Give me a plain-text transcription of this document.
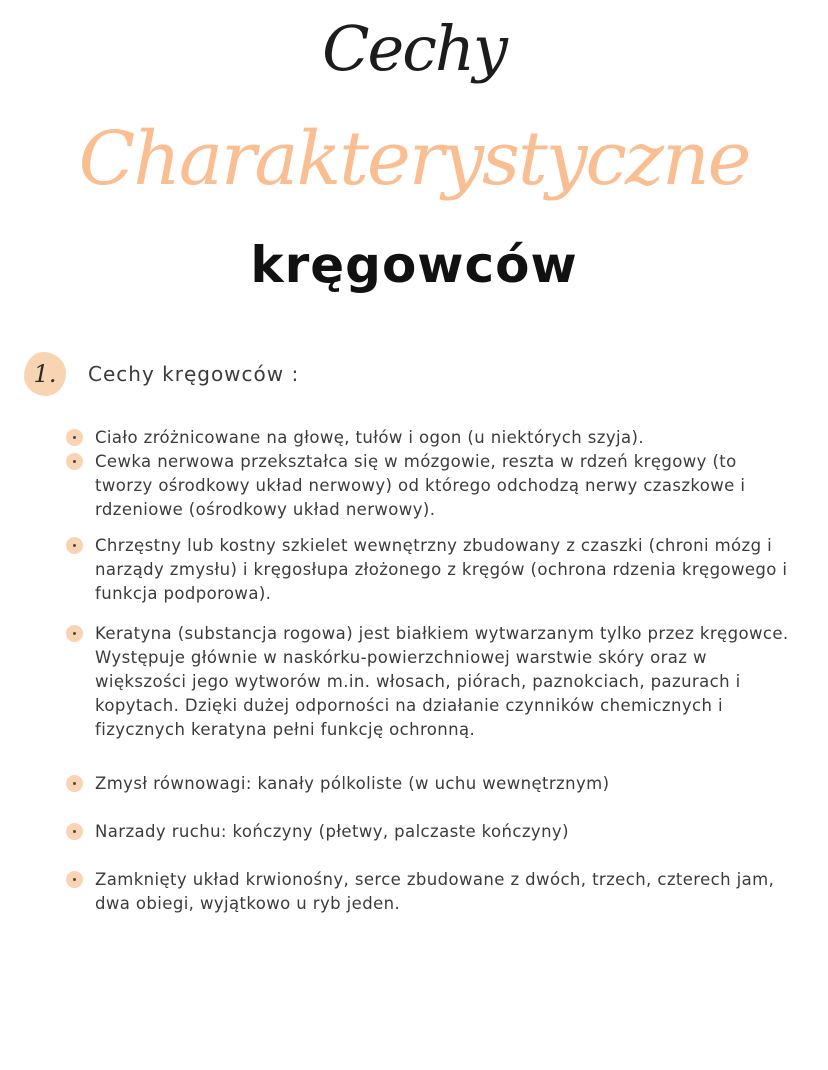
Cechy
Charakterystyczne
kręgowców
1.	Cechy kręgowców :
Ciało zróżnicowane na głowę, tułów i ogon (u niektórych szyja).
Cewka nerwowa przekształca się w mózgowie, reszta w rdzeń kręgowy (to tworzy ośrodkowy układ nerwowy) od którego odchodzą nerwy czaszkowe i rdzeniowe (ośrodkowy układ nerwowy).
Chrzęstny lub kostny szkielet wewnętrzny zbudowany z czaszki (chroni mózg i narządy zmysłu) i kręgosłupa złożonego z kręgów (ochrona rdzenia kręgowego i funkcja podporowa).
Keratyna (substancja rogowa) jest białkiem wytwarzanym tylko przez kręgowce. Występuje głównie w naskórku-powierzchniowej warstwie skóry oraz w większości jego wytworów m.in. włosach, piórach, paznokciach, pazurach i kopytach. Dzięki dużej odporności na działanie czynników chemicznych i fizycznych keratyna pełni funkcję ochronną.
Zmysł równowagi: kanały pólkoliste (w uchu wewnętrznym)
Narzady ruchu: kończyny (płetwy, palczaste kończyny)
Zamknięty układ krwionośny, serce zbudowane z dwóch, trzech, czterech jam, dwa obiegi, wyjątkowo u ryb jeden.
